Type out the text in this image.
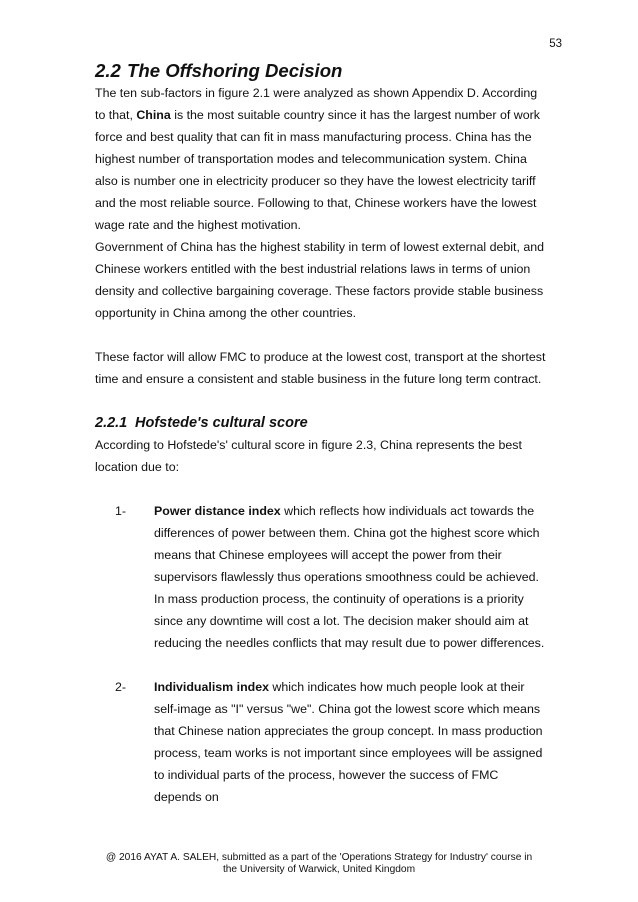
53
2.2 The Offshoring Decision

The ten sub-factors in figure 2.1 were analyzed as shown Appendix D. According to that, China is the most suitable country since it has the largest number of work force and best quality that can fit in mass manufacturing process. China has the highest number of transportation modes and telecommunication system. China also is number one in electricity producer so they have the lowest electricity tariff and the most reliable source. Following to that, Chinese workers have the lowest wage rate and the highest motivation.

Government of China has the highest stability in term of lowest external debit, and Chinese workers entitled with the best industrial relations laws in terms of union density and collective bargaining coverage. These factors provide stable business opportunity in China among the other countries.

These factor will allow FMC to produce at the lowest cost, transport at the shortest time and ensure a consistent and stable business in the future long term contract.

2.2.1 Hofstede's cultural score

According to Hofstede's' cultural score in figure 2.3, China represents the best location due to:

1- Power distance index which reflects how individuals act towards the differences of power between them. China got the highest score which means that Chinese employees will accept the power from their supervisors flawlessly thus operations smoothness could be achieved. In mass production process, the continuity of operations is a priority since any downtime will cost a lot. The decision maker should aim at reducing the needles conflicts that may result due to power differences.
2- Individualism index which indicates how much people look at their self-image as "I" versus "we". China got the lowest score which means that Chinese nation appreciates the group concept. In mass production process, team works is not important since employees will be assigned to individual parts of the process, however the success of FMC depends on
@ 2016 AYAT A. SALEH, submitted as a part of the 'Operations Strategy for Industry' course in
the University of Warwick, United Kingdom
